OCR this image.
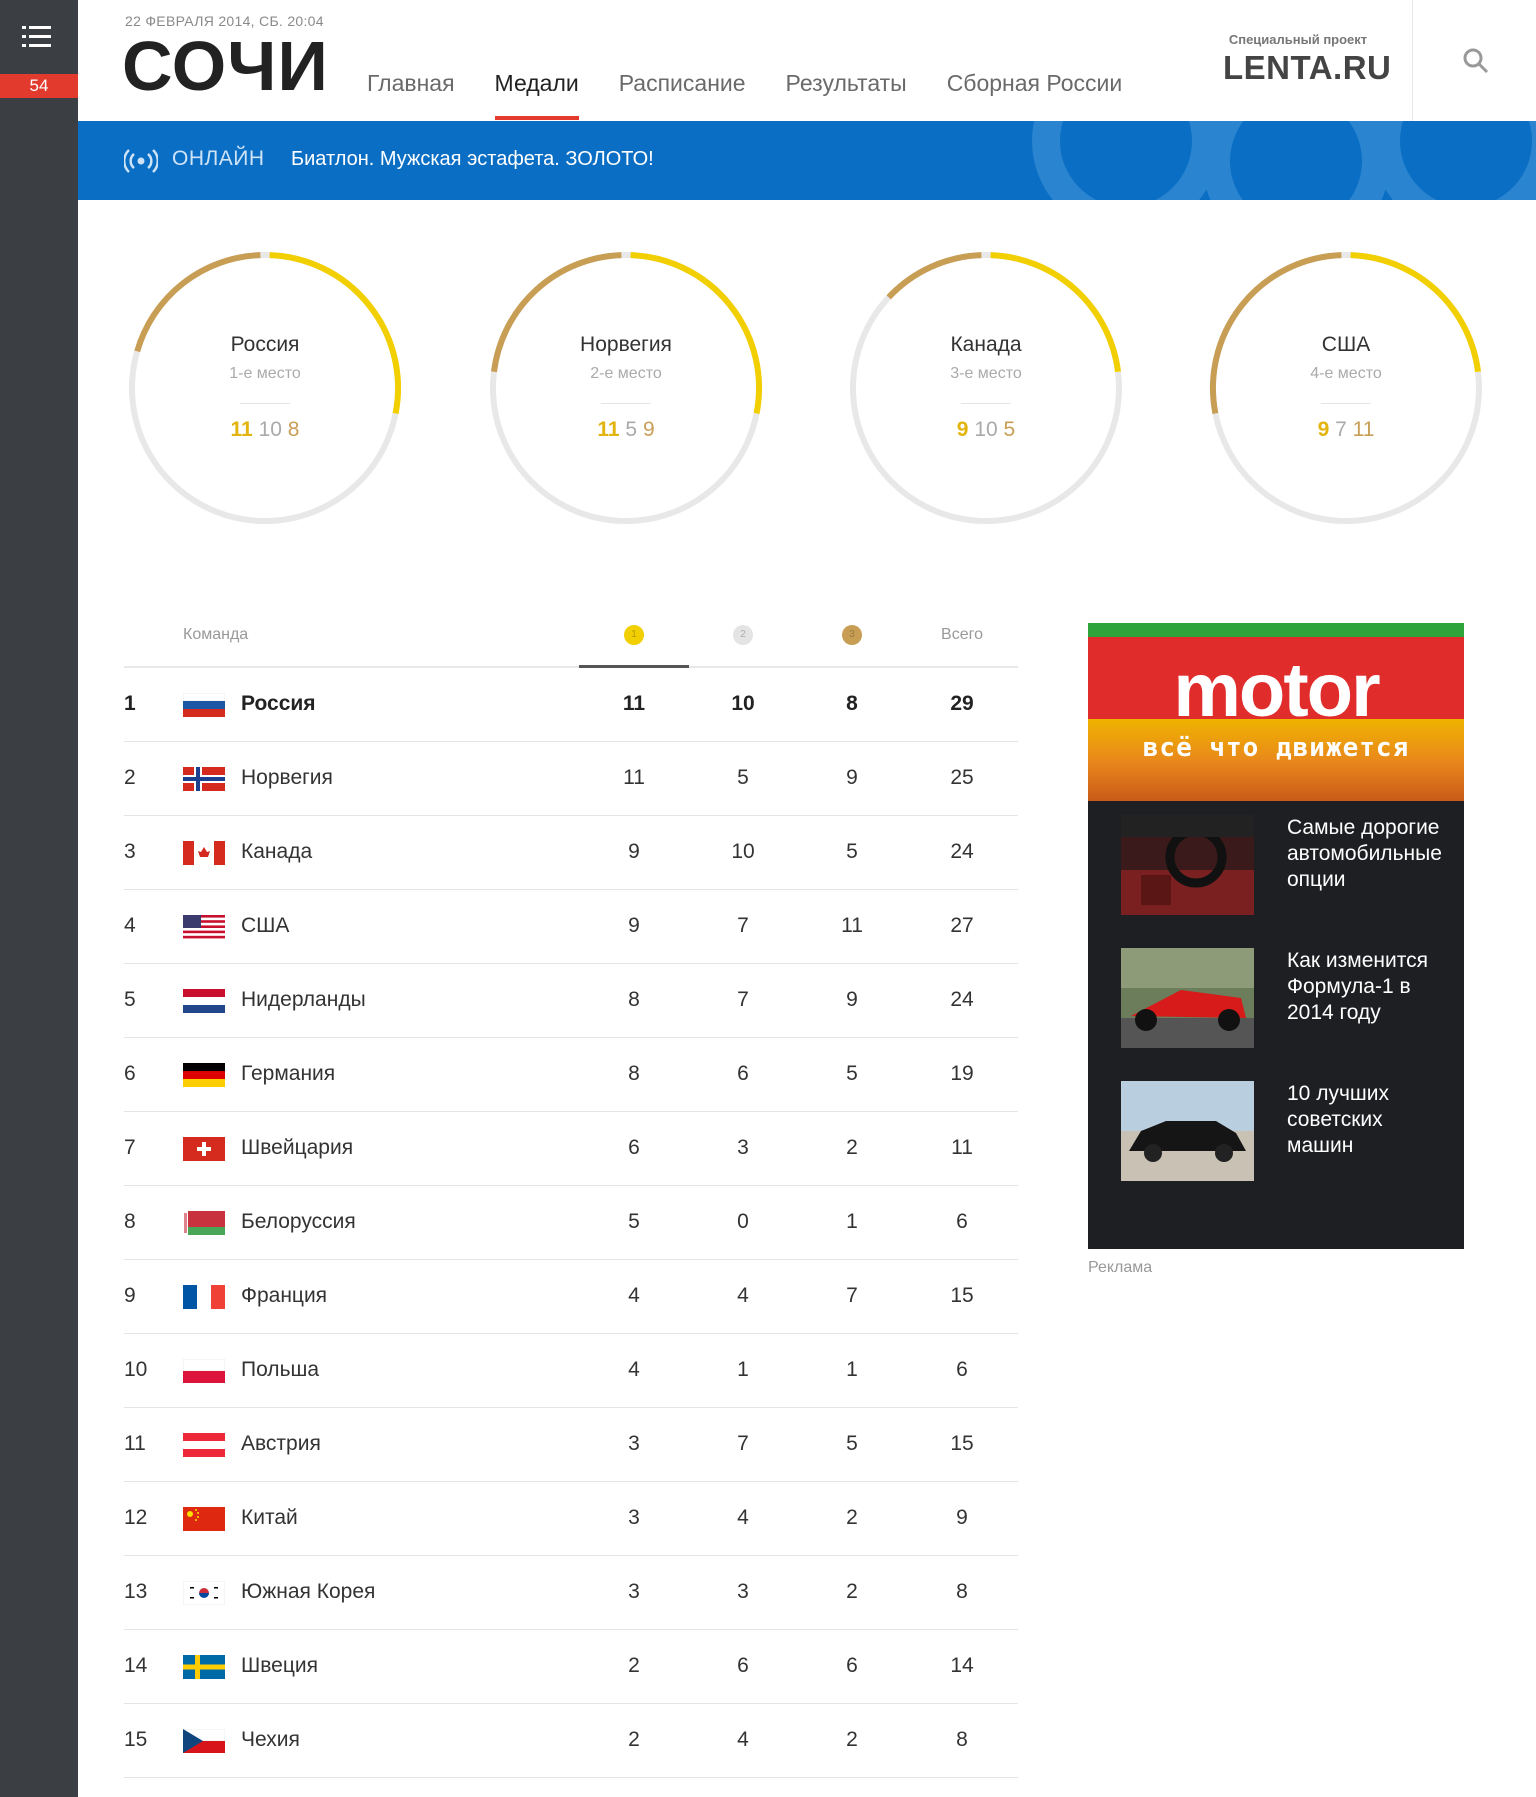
54
22 ФЕВРАЛЯ 2014, СБ. 20:04
СОЧИ Главная Медали Расписание Результаты Сборная России
Специальный проект
LENTA.RU
ОНЛАЙН Биатлон. Мужская эстафета. ЗОЛОТО!
Россия
1-е место
11 10 8
Норвегия
2-е место
11 5 9
Канада
3-е место
9 10 5
США
4-е место
9 7 11
Команда	1	2	3	Всего
1	Россия	11	10	8	29
2	Норвегия	11	5	9	25
3	Канада	9	10	5	24
4	США	9	7	11	27
5	Нидерланды	8	7	9	24
6	Германия	8	6	5	19
7	Швейцария	6	3	2	11
8	Белоруссия	5	0	1	6
9	Франция	4	4	7	15
10	Польша	4	1	1	6
11	Австрия	3	7	5	15
12	Китай	3	4	2	9
13	Южная Корея	3	3	2	8
14	Швеция	2	6	6	14
15	Чехия	2	4	2	8
motor
всё что движется
Самые дорогие автомобильные опции
Как изменится Формула-1 в 2014 году
10 лучших советских машин
Реклама
